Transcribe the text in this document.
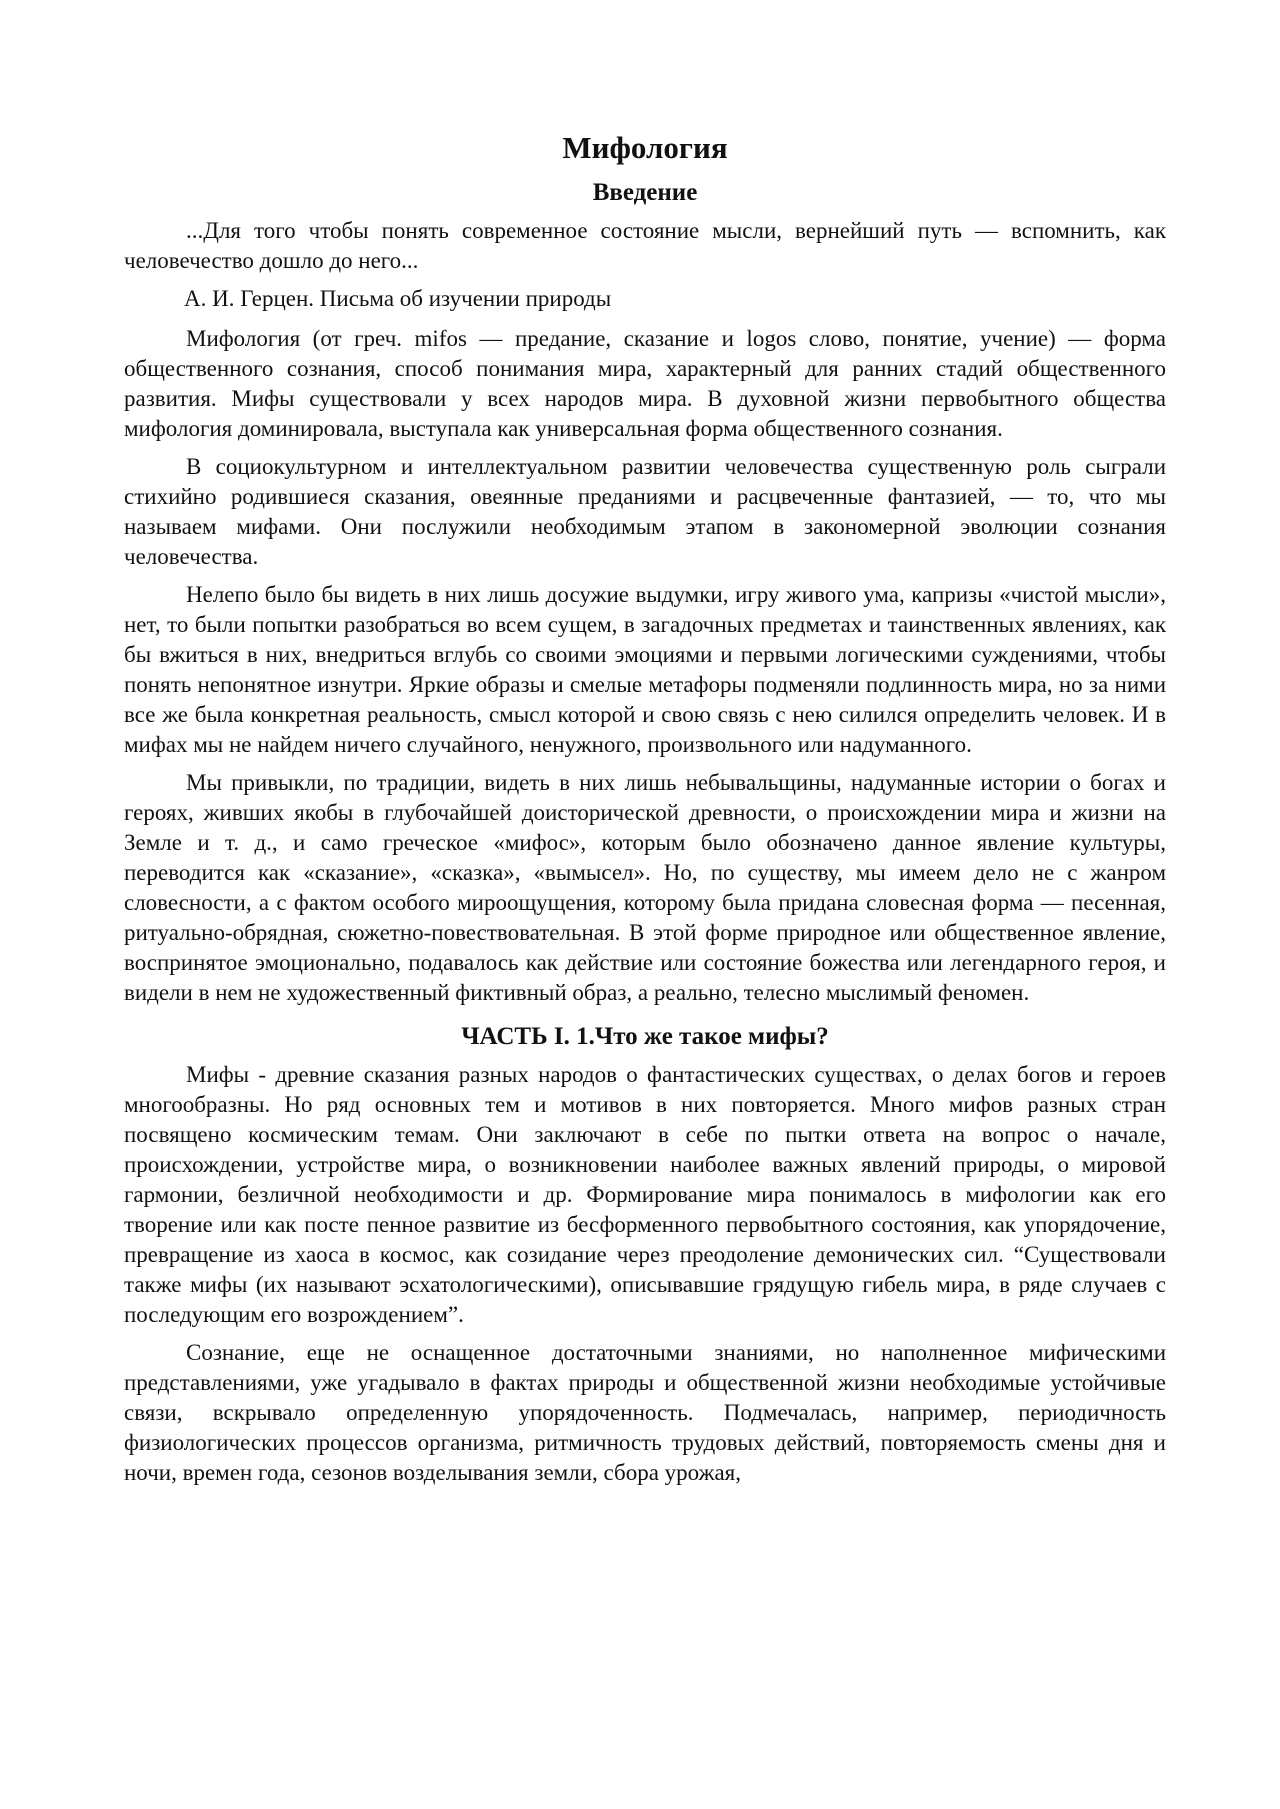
Мифология
Введение

...Для того чтобы понять современное состояние мысли, вернейший путь — вспомнить, как человечество дошло до него...

А. И. Герцен. Письма об изучении природы

Мифология (от греч. mifos — предание, сказание и logos слово, понятие, учение) — форма общественного сознания, способ понимания мира, характерный для ранних стадий общественного развития. Мифы существовали у всех народов мира. В духовной жизни первобытного общества мифология доминировала, выступала как универсальная форма общественного сознания.

В социокультурном и интеллектуальном развитии человечества существенную роль сыграли стихийно родившиеся сказания, овеянные преданиями и расцвеченные фантазией, — то, что мы называем мифами. Они послужили необходимым этапом в закономерной эволюции сознания человечества.

Нелепо было бы видеть в них лишь досужие выдумки, игру живого ума, капризы «чистой мысли», нет, то были попытки разобраться во всем сущем, в загадочных предметах и таинственных явлениях, как бы вжиться в них, внедриться вглубь со своими эмоциями и первыми логическими суждениями, чтобы понять непонятное изнутри. Яркие образы и смелые метафоры подменяли подлинность мира, но за ними все же была конкретная реальность, смысл которой и свою связь с нею силился определить человек. И в мифах мы не найдем ничего случайного, ненужного, произвольного или надуманного.

Мы привыкли, по традиции, видеть в них лишь небывальщины, надуманные истории о богах и героях, живших якобы в глубочайшей доисторической древности, о происхождении мира и жизни на Земле и т. д., и само греческое «мифос», которым было обозначено данное явление культуры, переводится как «сказание», «сказка», «вымысел». Но, по существу, мы имеем дело не с жанром словесности, а с фактом особого мироощущения, которому была придана словесная форма — песенная, ритуально-обрядная, сюжетно-повествовательная. В этой форме природное или общественное явление, воспринятое эмоционально, подавалось как действие или состояние божества или легендарного героя, и видели в нем не художественный фиктивный образ, а реально, телесно мыслимый феномен.

ЧАСТЬ I. 1.Что же такое мифы?

Мифы - древние сказания разных народов о фантастических существах, о делах богов и героев многообразны. Но ряд основных тем и мотивов в них повторяется. Много мифов разных стран посвящено космическим темам. Они заключают в себе по пытки ответа на вопрос о начале, происхождении, устройстве мира, о возникновении наиболее важных явлений природы, о мировой гармонии, безличной необходимости и др. Формирование мира понималось в мифологии как его творение или как посте пенное развитие из бесформенного первобытного состояния, как упорядочение, превращение из хаоса в космос, как созидание через преодоление демонических сил. “Существовали также мифы (их называют эсхатологическими), описывавшие грядущую гибель мира, в ряде случаев с последующим его возрождением”.

Сознание, еще не оснащенное достаточными знаниями, но наполненное мифическими представлениями, уже угадывало в фактах природы и общественной жизни необходимые устойчивые связи, вскрывало определенную упорядоченность. Подмечалась, например, периодичность физиологических процессов организма, ритмичность трудовых действий, повторяемость смены дня и ночи, времен года, сезонов возделывания земли, сбора урожая,
